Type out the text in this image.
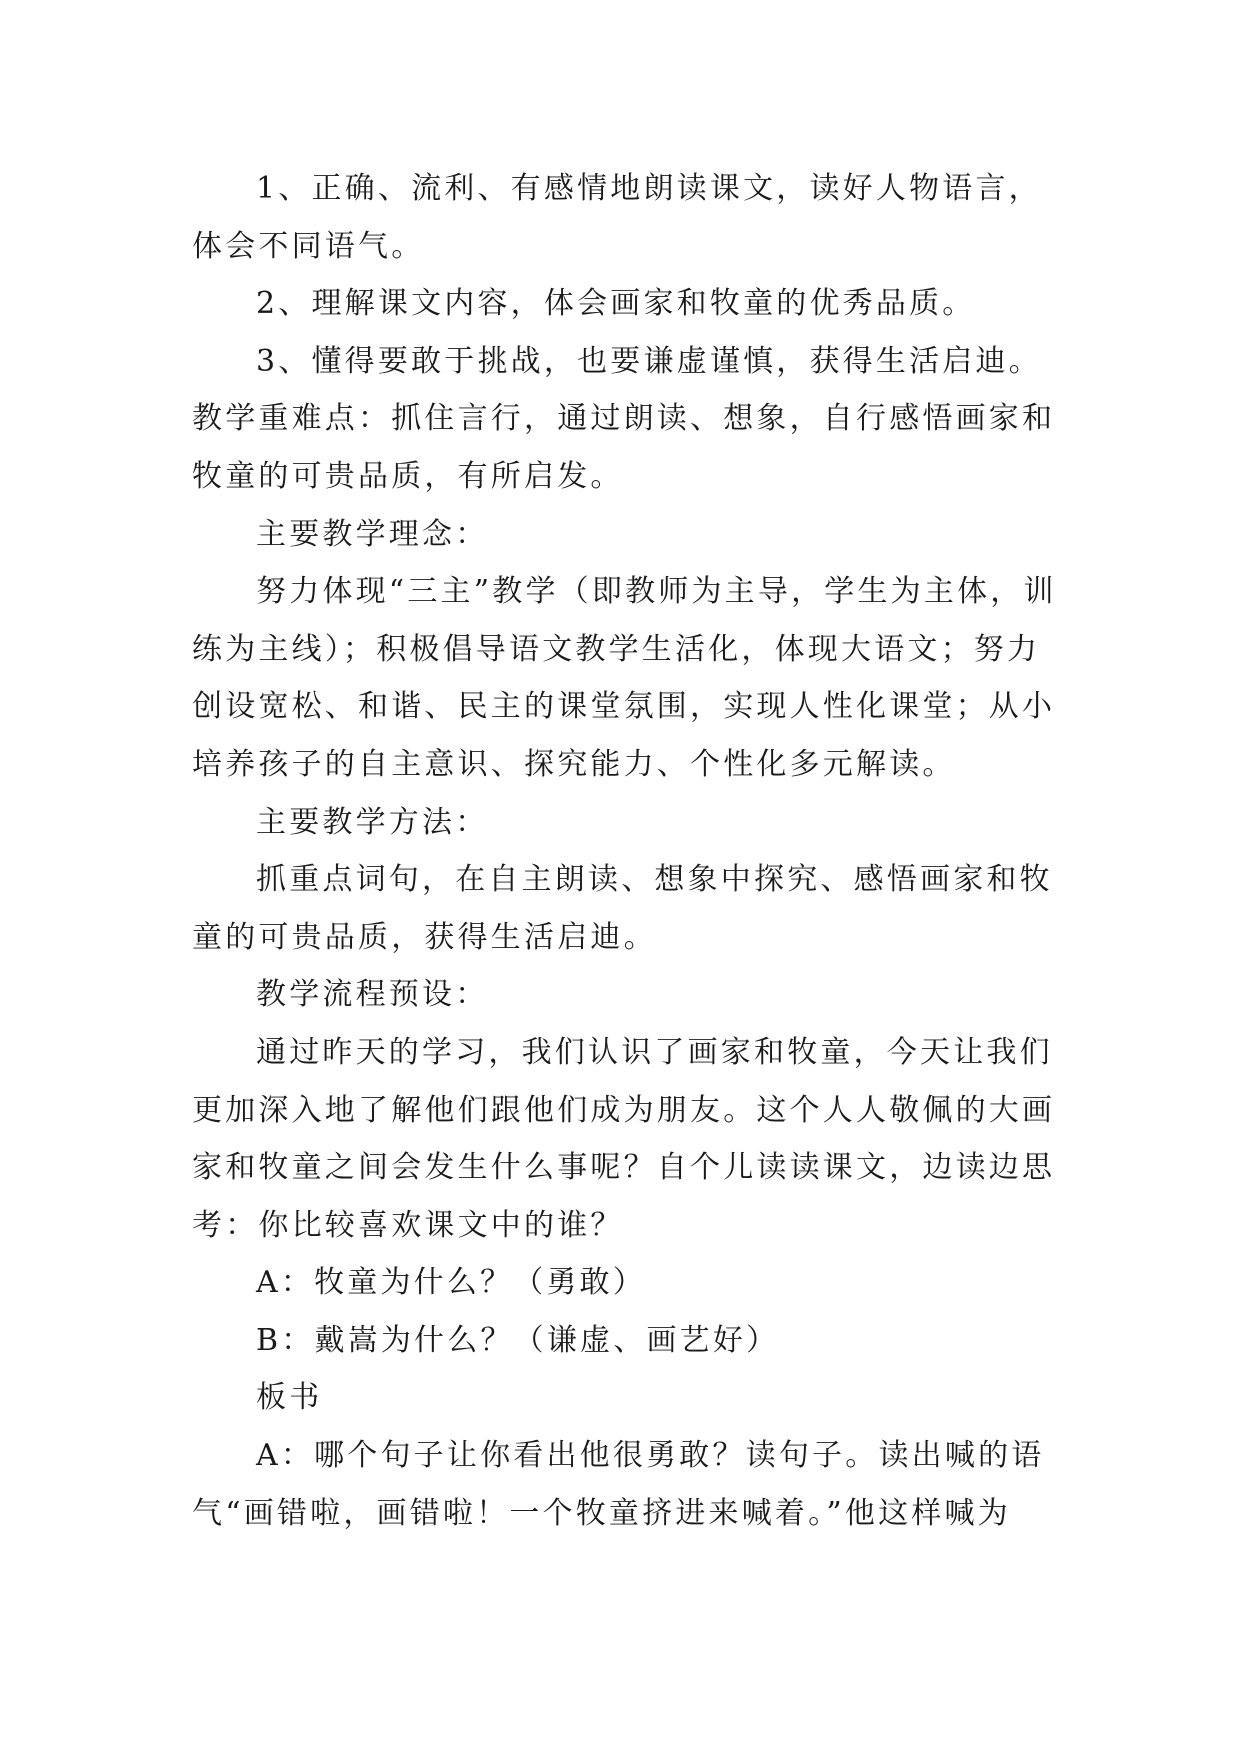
1、正确、流利、有感情地朗读课文，读好人物语言，体会不同语气。

2、理解课文内容，体会画家和牧童的优秀品质。

3、懂得要敢于挑战，也要谦虚谨慎，获得生活启迪。

教学重难点：抓住言行，通过朗读、想象，自行感悟画家和牧童的可贵品质，有所启发。

主要教学理念：

努力体现“三主”教学（即教师为主导，学生为主体，训练为主线）；积极倡导语文教学生活化，体现大语文；努力创设宽松、和谐、民主的课堂氛围，实现人性化课堂；从小培养孩子的自主意识、探究能力、个性化多元解读。

主要教学方法：

抓重点词句，在自主朗读、想象中探究、感悟画家和牧童的可贵品质，获得生活启迪。

教学流程预设：

通过昨天的学习，我们认识了画家和牧童，今天让我们更加深入地了解他们跟他们成为朋友。这个人人敬佩的大画家和牧童之间会发生什么事呢？自个儿读读课文，边读边思考：你比较喜欢课文中的谁？

A：牧童为什么？（勇敢）

B：戴嵩为什么？（谦虚、画艺好）

板书

A：哪个句子让你看出他很勇敢？读句子。读出喊的语气“画错啦，画错啦！一个牧童挤进来喊着。”他这样喊为
